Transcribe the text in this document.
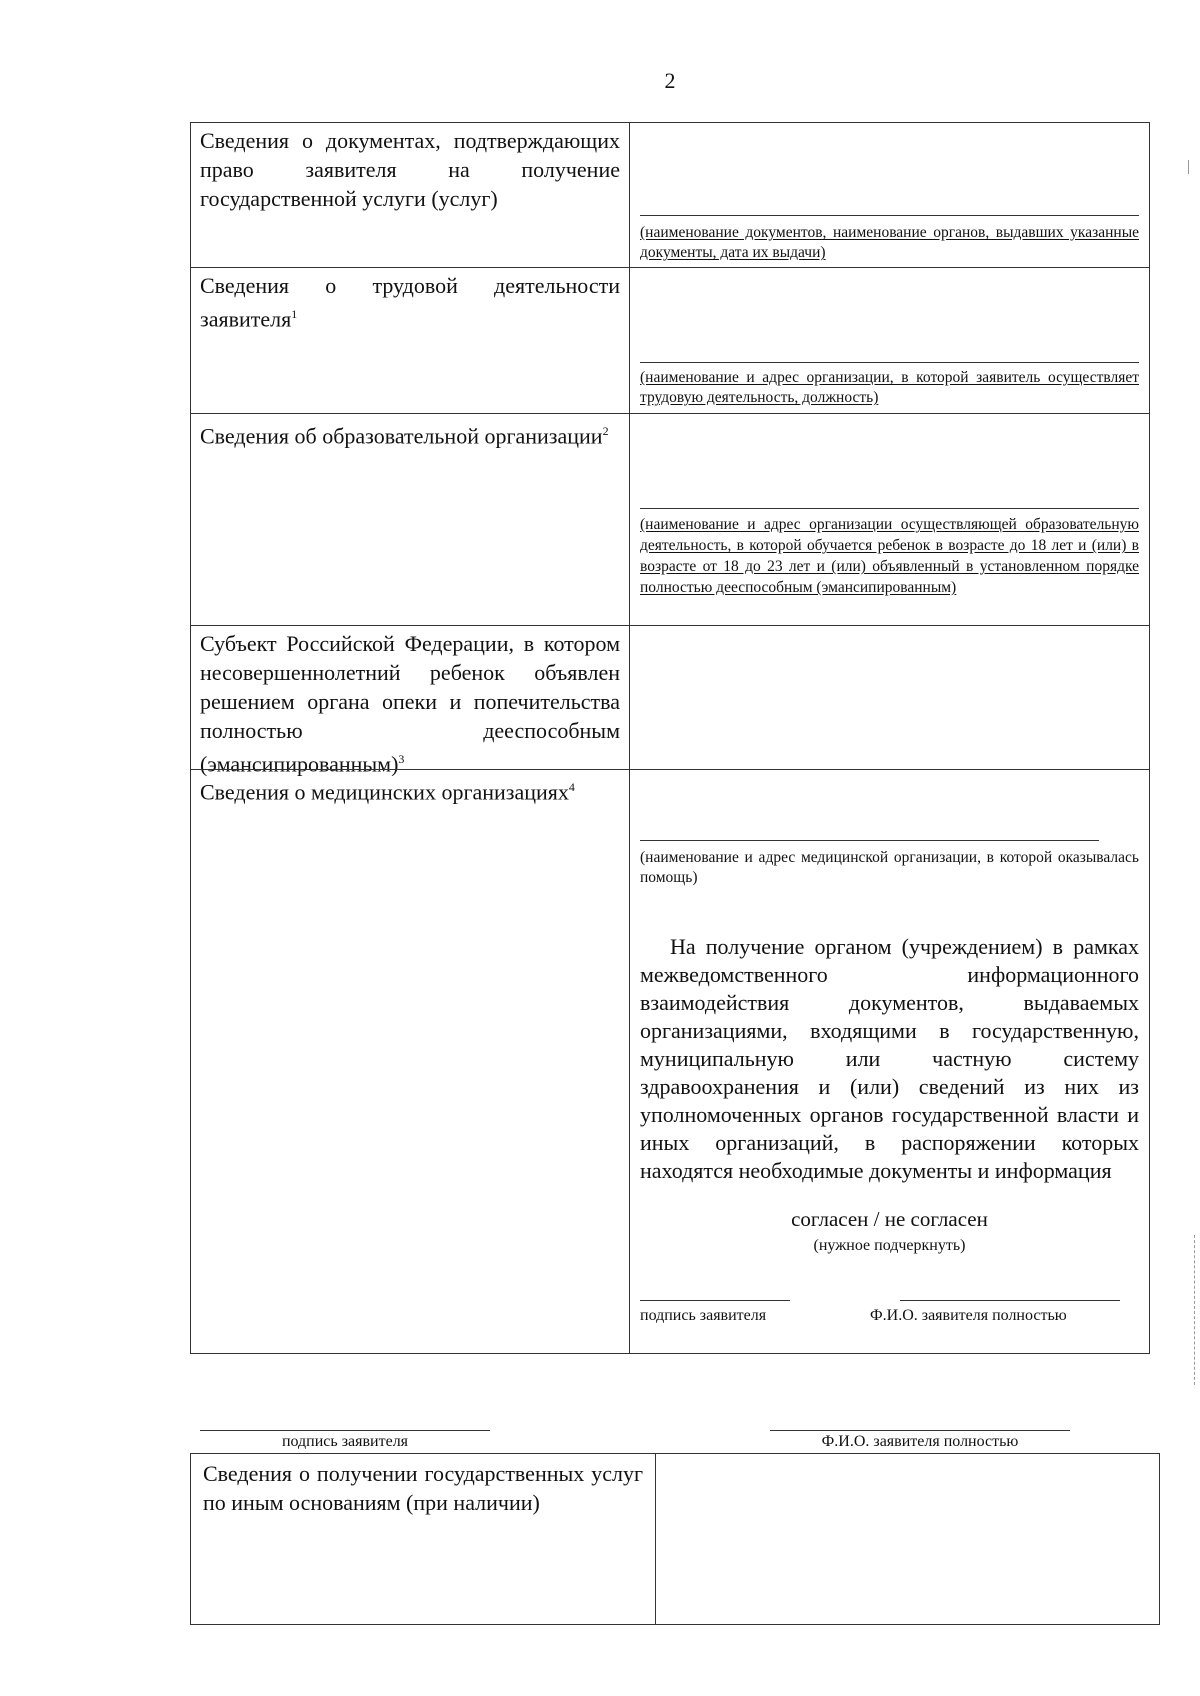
2

Сведения о документах, подтверждающих право заявителя на получение государственной услуги (услуг)

(наименование документов, наименование органов, выдавших указанные документы, дата их выдачи)

Сведения о трудовой деятельности заявителя$^1$

(наименование и адрес организации, в которой заявитель осуществляет трудовую деятельность, должность)

Сведения об образовательной организации$^2$

(наименование и адрес организации осуществляющей образовательную деятельность, в которой обучается ребенок в возрасте до 18 лет и (или) в возрасте от 18 до 23 лет и (или) объявленный в установленном порядке полностью дееспособным (эмансипированным)

Субъект Российской Федерации, в котором несовершеннолетний ребенок объявлен решением органа опеки и попечительства полностью дееспособным (эмансипированным)$^3$

Сведения о медицинских организациях$^4$

(наименование и адрес медицинской организации, в которой оказывалась помощь)

На получение органом (учреждением) в рамках межведомственного информационного взаимодействия документов, выдаваемых организациями, входящими в государственную, муниципальную или частную систему здравоохранения и (или) сведений из них из уполномоченных органов государственной власти и иных организаций, в распоряжении которых находятся необходимые документы и информация

согласен / не согласен
(нужное подчеркнуть)
подпись заявителя	Ф.И.О. заявителя полностью
подпись заявителя	Ф.И.О. заявителя полностью

Сведения о получении государственных услуг по иным основаниям (при наличии)
